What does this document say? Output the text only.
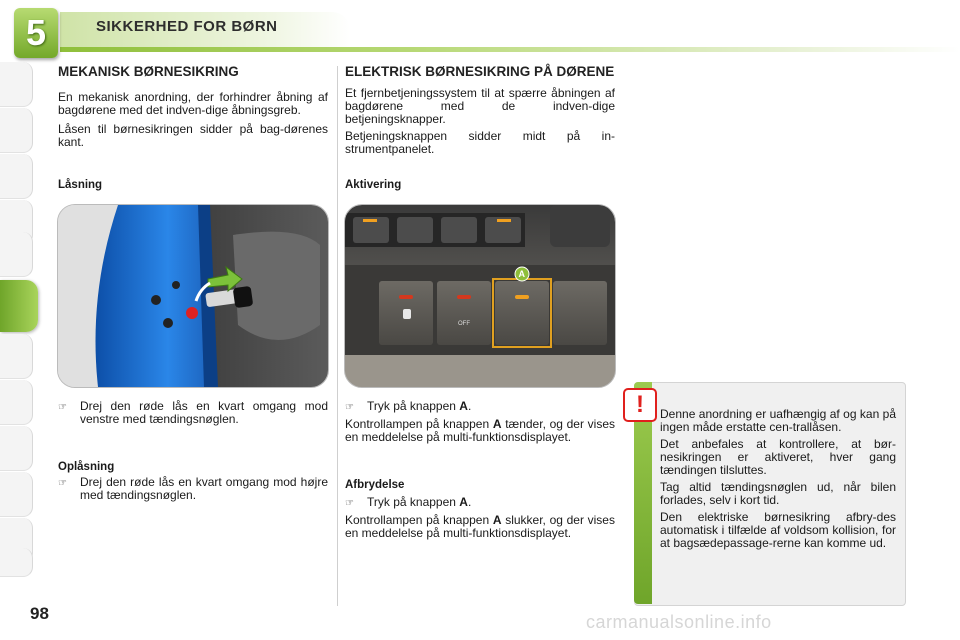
5	SIKKERHED FOR BØRN
98
MEKANISK BØRNESIKRING

En mekanisk anordning, der forhindrer åbning af bagdørene med det indven-dige åbningsgreb.

Låsen til børnesikringen sidder på bag-dørenes kant.

Låsning
☞	Drej den røde lås en kvart omgang mod venstre med tændingsnøglen.
Oplåsning
☞	Drej den røde lås en kvart omgang mod højre med tændingsnøglen.
ELEKTRISK BØRNESIKRING PÅ DØRENE

Et fjernbetjeningssystem til at spærre åbningen af bagdørene med de indven-dige betjeningsknapper.

Betjeningsknappen sidder midt på in-strumentpanelet.

Aktivering
OFF
A
☞	Tryk på knappen A.

Kontrollampen på knappen A tænder, og der vises en meddelelse på multi-funktionsdisplayet.

Afbrydelse
☞	Tryk på knappen A.

Kontrollampen på knappen A slukker, og der vises en meddelelse på multi-funktionsdisplayet.

!	Denne anordning er uafhængig af og kan på ingen måde erstatte cen-trallåsen.

Det anbefales at kontrollere, at bør-nesikringen er aktiveret, hver gang tændingen tilsluttes.

Tag altid tændingsnøglen ud, når bilen forlades, selv i kort tid.

Den elektriske børnesikring afbry-des automatisk i tilfælde af voldsom kollision, for at bagsædepassage-rerne kan komme ud.

carmanualsonline.info
